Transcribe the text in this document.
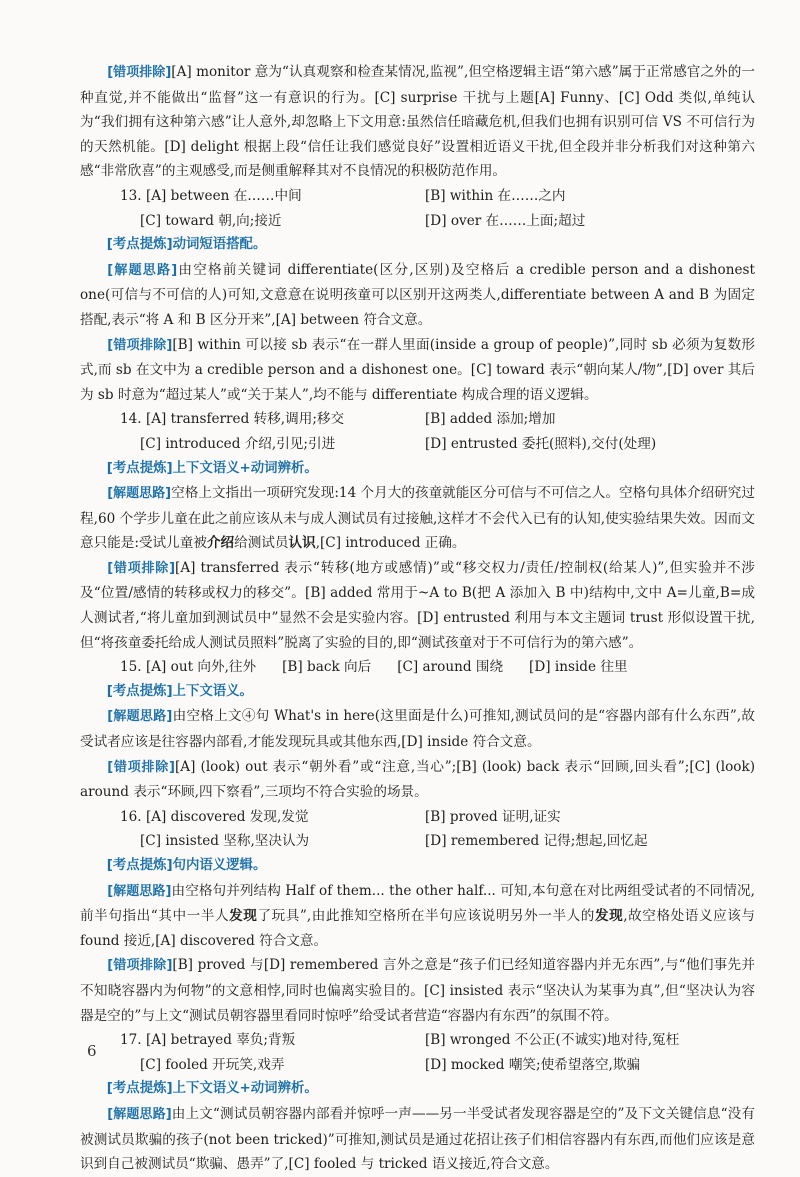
[错项排除][A] monitor 意为“认真观察和检查某情况,监视”,但空格逻辑主语“第六感”属于正常感官之外的一种直觉,并不能做出“监督”这一有意识的行为。[C] surprise 干扰与上题[A] Funny、[C] Odd 类似,单纯认为“我们拥有这种第六感”让人意外,却忽略上下文用意:虽然信任暗藏危机,但我们也拥有识别可信 VS 不可信行为的天然机能。[D] delight 根据上段“信任让我们感觉良好”设置相近语义干扰,但全段并非分析我们对这种第六感“非常欣喜”的主观感受,而是侧重解释其对不良情况的积极防范作用。

13. [A] between 在……中间	[B] within 在……之内
[C] toward 朝,向;接近	[D] over 在……上面;超过
[考点提炼]动词短语搭配。

[解题思路]由空格前关键词 differentiate(区分,区别)及空格后 a credible person and a dishonest one(可信与不可信的人)可知,文意意在说明孩童可以区别开这两类人,differentiate between A and B 为固定搭配,表示“将 A 和 B 区分开来”,[A] between 符合文意。

[错项排除][B] within 可以接 sb 表示“在一群人里面(inside a group of people)”,同时 sb 必须为复数形式,而 sb 在文中为 a credible person and a dishonest one。[C] toward 表示“朝向某人/物”,[D] over 其后为 sb 时意为“超过某人”或“关于某人”,均不能与 differentiate 构成合理的语义逻辑。

14. [A] transferred 转移,调用;移交	[B] added 添加;增加
[C] introduced 介绍,引见;引进	[D] entrusted 委托(照料),交付(处理)
[考点提炼]上下文语义+动词辨析。

[解题思路]空格上文指出一项研究发现:14 个月大的孩童就能区分可信与不可信之人。空格句具体介绍研究过程,60 个学步儿童在此之前应该从未与成人测试员有过接触,这样才不会代入已有的认知,使实验结果失效。因而文意只能是:受试儿童被介绍给测试员认识,[C] introduced 正确。

[错项排除][A] transferred 表示“转移(地方或感情)”或“移交权力/责任/控制权(给某人)”,但实验并不涉及“位置/感情的转移或权力的移交”。[B] added 常用于~A to B(把 A 添加入 B 中)结构中,文中 A=儿童,B=成人测试者,“将儿童加到测试员中”显然不会是实验内容。[D] entrusted 利用与本文主题词 trust 形似设置干扰,但“将孩童委托给成人测试员照料”脱离了实验的目的,即“测试孩童对于不可信行为的第六感”。

15. [A] out 向外,往外 [B] back 向后 [C] around 围绕 [D] inside 往里
[考点提炼]上下文语义。

[解题思路]由空格上文④句 What's in here(这里面是什么)可推知,测试员问的是“容器内部有什么东西”,故受试者应该是往容器内部看,才能发现玩具或其他东西,[D] inside 符合文意。

[错项排除][A] (look) out 表示“朝外看”或“注意,当心”;[B] (look) back 表示“回顾,回头看”;[C] (look) around 表示“环顾,四下察看”,三项均不符合实验的场景。

16. [A] discovered 发现,发觉	[B] proved 证明,证实
[C] insisted 坚称,坚决认为	[D] remembered 记得;想起,回忆起
[考点提炼]句内语义逻辑。

[解题思路]由空格句并列结构 Half of them... the other half... 可知,本句意在对比两组受试者的不同情况,前半句指出“其中一半人发现了玩具”,由此推知空格所在半句应该说明另外一半人的发现,故空格处语义应该与 found 接近,[A] discovered 符合文意。

[错项排除][B] proved 与[D] remembered 言外之意是“孩子们已经知道容器内并无东西”,与“他们事先并不知晓容器内为何物”的文意相悖,同时也偏离实验目的。[C] insisted 表示“坚决认为某事为真”,但“坚决认为容器是空的”与上文“测试员朝容器里看同时惊呼”给受试者营造“容器内有东西”的氛围不符。

17. [A] betrayed 辜负;背叛	[B] wronged 不公正(不诚实)地对待,冤枉
[C] fooled 开玩笑,戏弄	[D] mocked 嘲笑;使希望落空,欺骗
[考点提炼]上下文语义+动词辨析。

[解题思路]由上文“测试员朝容器内部看并惊呼一声——另一半受试者发现容器是空的”及下文关键信息“没有被测试员欺骗的孩子(not been tricked)”可推知,测试员是通过花招让孩子们相信容器内有东西,而他们应该是意识到自己被测试员“欺骗、愚弄”了,[C] fooled 与 tricked 语义接近,符合文意。

6
